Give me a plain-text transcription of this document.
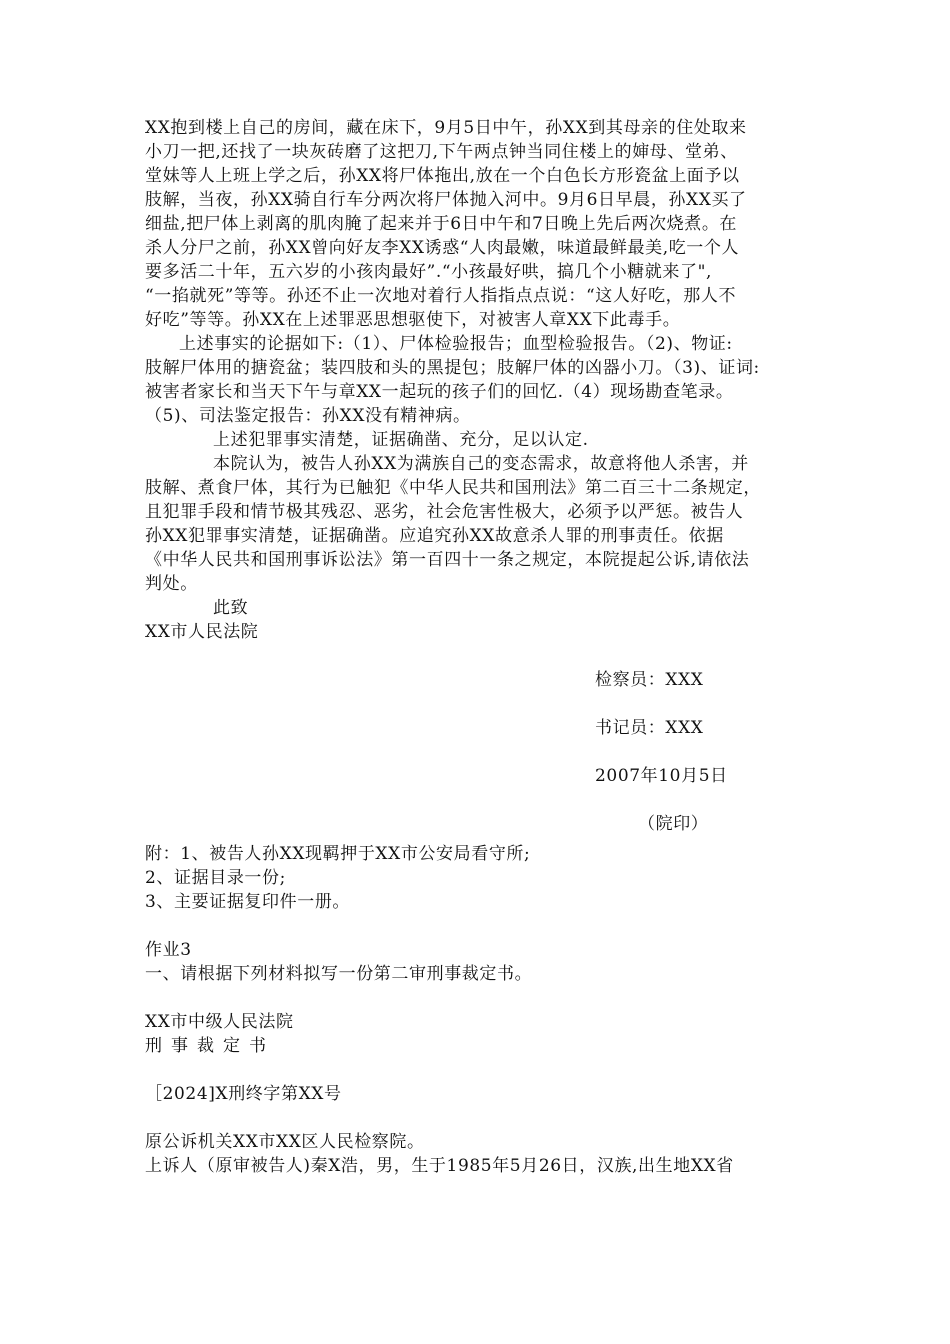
XX抱到楼上自己的房间，藏在床下，9月5日中午，孙XX到其母亲的住处取来
小刀一把,还找了一块灰砖磨了这把刀,下午两点钟当同住楼上的婶母、堂弟、
堂妹等人上班上学之后，孙XX将尸体拖出,放在一个白色长方形瓷盆上面予以
肢解，当夜，孙XX骑自行车分两次将尸体抛入河中。9月6日早晨，孙XX买了
细盐,把尸体上剥离的肌肉腌了起来并于6日中午和7日晚上先后两次烧煮。在
杀人分尸之前，孙XX曾向好友李XX诱惑“人肉最嫩，味道最鲜最美,吃一个人
要多活二十年，五六岁的小孩肉最好”.“小孩最好哄，搞几个小糖就来了",
“一掐就死”等等。孙还不止一次地对着行人指指点点说：“这人好吃，那人不
好吃”等等。孙XX在上述罪恶思想驱使下，对被害人章XX下此毒手。
上述事实的论据如下:（1）、尸体检验报告；血型检验报告。（2)、物证:
肢解尸体用的搪瓷盆；装四肢和头的黑提包；肢解尸体的凶器小刀。（3)、证词:
被害者家长和当天下午与章XX一起玩的孩子们的回忆.（4）现场勘查笔录。
（5)、司法鉴定报告：孙XX没有精神病。
上述犯罪事实清楚，证据确凿、充分，足以认定.
本院认为，被告人孙XX为满族自己的变态需求，故意将他人杀害，并
肢解、煮食尸体，其行为已触犯《中华人民共和国刑法》第二百三十二条规定，
且犯罪手段和情节极其残忍、恶劣，社会危害性极大，必须予以严惩。被告人
孙XX犯罪事实清楚，证据确凿。应追究孙XX故意杀人罪的刑事责任。依据
《中华人民共和国刑事诉讼法》第一百四十一条之规定，本院提起公诉,请依法
判处。
此致
XX市人民法院
检察员：XXX
书记员：XXX
2007年10月5日
（院印）
附：1、被告人孙XX现羁押于XX市公安局看守所;
2、证据目录一份;
3、主要证据复印件一册。
作业3
一、请根据下列材料拟写一份第二审刑事裁定书。
XX市中级人民法院
刑事裁定书
［2024]X刑终字第XX号
原公诉机关XX市XX区人民检察院。
上诉人（原审被告人)秦X浩，男，生于1985年5月26日，汉族,出生地XX省
